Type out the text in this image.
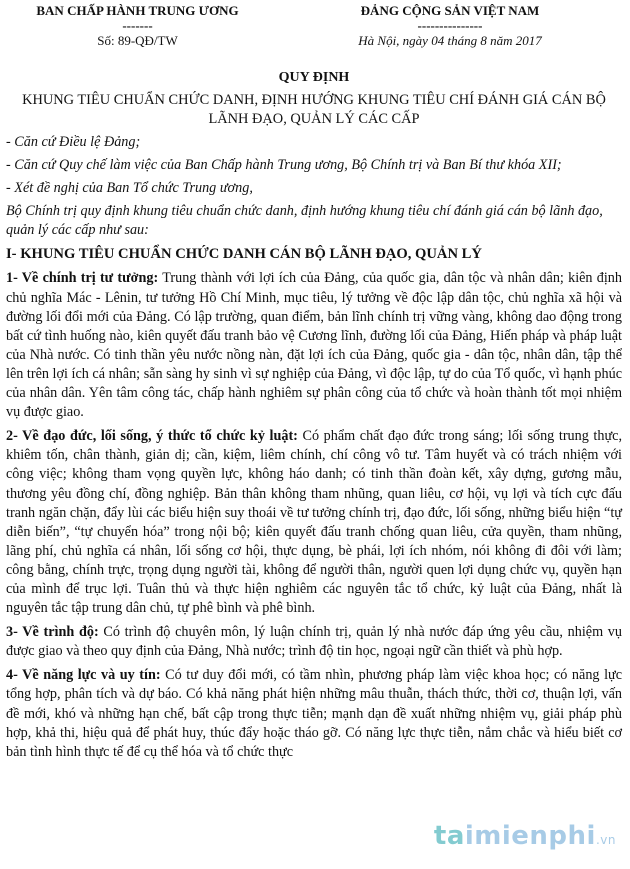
BAN CHẤP HÀNH TRUNG ƯƠNG
-------
Số: 89-QĐ/TW
ĐẢNG CỘNG SẢN VIỆT NAM
---------------
Hà Nội, ngày 04 tháng 8 năm 2017
QUY ĐỊNH
KHUNG TIÊU CHUẨN CHỨC DANH, ĐỊNH HƯỚNG KHUNG TIÊU CHÍ ĐÁNH GIÁ CÁN BỘ LÃNH ĐẠO, QUẢN LÝ CÁC CẤP

- Căn cứ Điều lệ Đảng;

- Căn cứ Quy chế làm việc của Ban Chấp hành Trung ương, Bộ Chính trị và Ban Bí thư khóa XII;

- Xét đề nghị của Ban Tổ chức Trung ương,

Bộ Chính trị quy định khung tiêu chuẩn chức danh, định hướng khung tiêu chí đánh giá cán bộ lãnh đạo, quản lý các cấp như sau:

I- KHUNG TIÊU CHUẨN CHỨC DANH CÁN BỘ LÃNH ĐẠO, QUẢN LÝ

1- Về chính trị tư tưởng: Trung thành với lợi ích của Đảng, của quốc gia, dân tộc và nhân dân; kiên định chủ nghĩa Mác - Lênin, tư tưởng Hồ Chí Minh, mục tiêu, lý tưởng về độc lập dân tộc, chủ nghĩa xã hội và đường lối đổi mới của Đảng. Có lập trường, quan điểm, bản lĩnh chính trị vững vàng, không dao động trong bất cứ tình huống nào, kiên quyết đấu tranh bảo vệ Cương lĩnh, đường lối của Đảng, Hiến pháp và pháp luật của Nhà nước. Có tinh thần yêu nước nồng nàn, đặt lợi ích của Đảng, quốc gia - dân tộc, nhân dân, tập thể lên trên lợi ích cá nhân; sẵn sàng hy sinh vì sự nghiệp của Đảng, vì độc lập, tự do của Tổ quốc, vì hạnh phúc của nhân dân. Yên tâm công tác, chấp hành nghiêm sự phân công của tổ chức và hoàn thành tốt mọi nhiệm vụ được giao.

2- Về đạo đức, lối sống, ý thức tổ chức kỷ luật: Có phẩm chất đạo đức trong sáng; lối sống trung thực, khiêm tốn, chân thành, giản dị; cần, kiệm, liêm chính, chí công vô tư. Tâm huyết và có trách nhiệm với công việc; không tham vọng quyền lực, không háo danh; có tinh thần đoàn kết, xây dựng, gương mẫu, thương yêu đồng chí, đồng nghiệp. Bản thân không tham nhũng, quan liêu, cơ hội, vụ lợi và tích cực đấu tranh ngăn chặn, đẩy lùi các biểu hiện suy thoái về tư tưởng chính trị, đạo đức, lối sống, những biểu hiện “tự diễn biến”, “tự chuyển hóa” trong nội bộ; kiên quyết đấu tranh chống quan liêu, cửa quyền, tham nhũng, lãng phí, chủ nghĩa cá nhân, lối sống cơ hội, thực dụng, bè phái, lợi ích nhóm, nói không đi đôi với làm; công bằng, chính trực, trọng dụng người tài, không để người thân, người quen lợi dụng chức vụ, quyền hạn của mình để trục lợi. Tuân thủ và thực hiện nghiêm các nguyên tắc tổ chức, kỷ luật của Đảng, nhất là nguyên tắc tập trung dân chủ, tự phê bình và phê bình.

3- Về trình độ: Có trình độ chuyên môn, lý luận chính trị, quản lý nhà nước đáp ứng yêu cầu, nhiệm vụ được giao và theo quy định của Đảng, Nhà nước; trình độ tin học, ngoại ngữ cần thiết và phù hợp.

4- Về năng lực và uy tín: Có tư duy đổi mới, có tầm nhìn, phương pháp làm việc khoa học; có năng lực tổng hợp, phân tích và dự báo. Có khả năng phát hiện những mâu thuẫn, thách thức, thời cơ, thuận lợi, vấn đề mới, khó và những hạn chế, bất cập trong thực tiễn; mạnh dạn đề xuất những nhiệm vụ, giải pháp phù hợp, khả thi, hiệu quả để phát huy, thúc đẩy hoặc tháo gỡ. Có năng lực thực tiễn, nắm chắc và hiểu biết cơ bản tình hình thực tế để cụ thể hóa và tổ chức thực

taimienphi.vn
